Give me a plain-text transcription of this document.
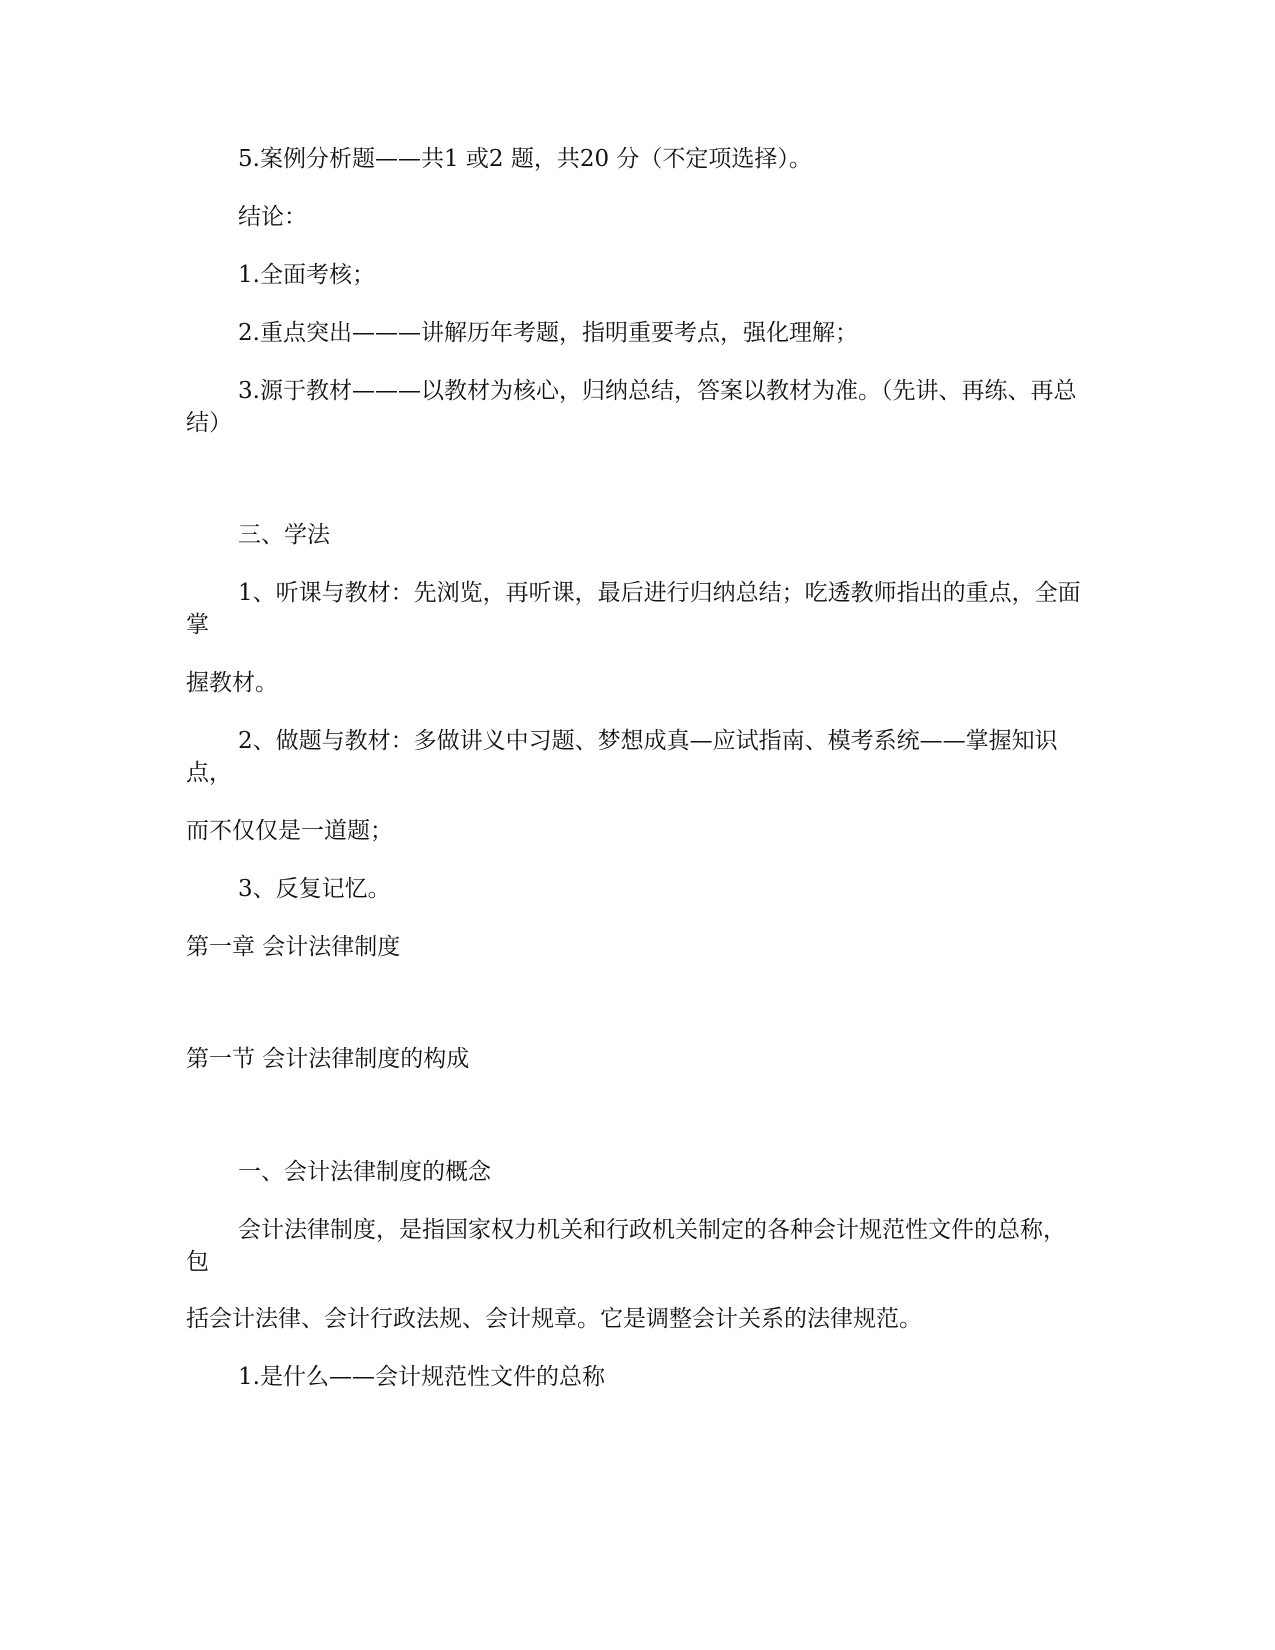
5.案例分析题——共1 或2 题，共20 分（不定项选择）。
结论：
1.全面考核；
2.重点突出———讲解历年考题，指明重要考点，强化理解；
3.源于教材———以教材为核心，归纳总结，答案以教材为准。（先讲、再练、再总结）
三、学法
1、听课与教材：先浏览，再听课，最后进行归纳总结；吃透教师指出的重点，全面掌
握教材。
2、做题与教材：多做讲义中习题、梦想成真—应试指南、模考系统——掌握知识点，
而不仅仅是一道题；
3、反复记忆。
第一章 会计法律制度
第一节 会计法律制度的构成
一、会计法律制度的概念
会计法律制度，是指国家权力机关和行政机关制定的各种会计规范性文件的总称，包
括会计法律、会计行政法规、会计规章。它是调整会计关系的法律规范。
1.是什么——会计规范性文件的总称
